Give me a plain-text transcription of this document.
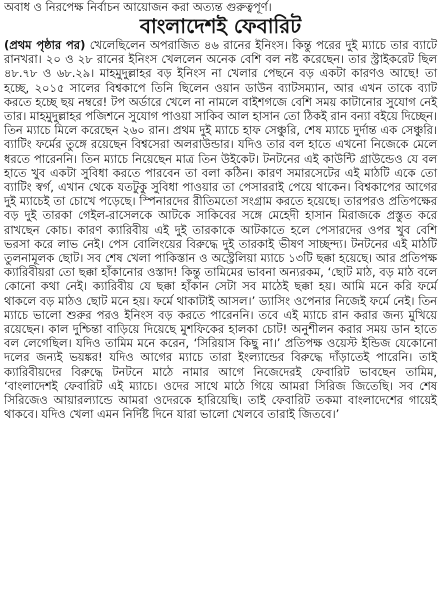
অবাধ ও নিরপেক্ষ নির্বাচন আয়োজন করা অত্যন্ত গুরুত্বপূর্ণ।

বাংলাদেশই ফেবারিট

(প্রথম পৃষ্ঠার পর) খেলেছিলেন অপরাজিত ৪৬ রানের ইনিংস। কিন্তু পরের দুই ম্যাচে তার ব্যাটে রানখরা। ২০ ও ২৮ রানের ইনিংস খেললেন অনেক বেশি বল নষ্ট করেছেন। তার স্ট্রাইকরেট ছিল ৪৮.৭৮ ও ৬৮.২৯। মাহমুদুল্লাহর বড় ইনিংস না খেলার পেছনে বড় একটা কারণও আছে! তা হচ্ছে, ২০১৫ সালের বিশ্বকাপে তিনি ছিলেন ওয়ান ডাউন ব্যাটসম্যান, আর এখন তাকে ব্যাট করতে হচ্ছে ছয় নম্বরে! টপ অর্ডারে খেলে না নামলে বাইশগজে বেশি সময় কাটানোর সুযোগ নেই তার। মাহমুদুল্লাহর পজিশনে সুযোগ পাওয়া সাকিব আল হাসান তো ঠিকই রান বন্যা বইয়ে দিচ্ছেন। তিন ম্যাচে মিলে করেছেন ২৬০ রান। প্রথম দুই ম্যাচে হাফ সেঞ্চুরি, শেষ ম্যাচে দুর্দান্ত এক সেঞ্চুরি। ব্যাটিং ফর্মের তুঙ্গে রয়েছেন বিশ্বসেরা অলরাউন্ডার। যদিও তার বল হাতে এখনো নিজেকে মেলে ধরতে পারেননি। তিন ম্যাচে নিয়েছেন মাত্র তিন উইকেট। টনটনের এই কাউন্টি গ্রাউন্ডেও যে বল হাতে খুব একটা সুবিধা করতে পারবেন তা বলা কঠিন। কারণ সমারসেটের এই মাঠটি একে তো ব্যাটিং স্বর্গ, এখান থেকে যতটুকু সুবিধা পাওয়ার তা পেসাররাই পেয়ে থাকেন। বিশ্বকাপের আগের দুই ম্যাচেই তা চোখে পড়েছে। স্পিনারদের রীতিমতো সংগ্রাম করতে হয়েছে। তারপরও প্রতিপক্ষের বড় দুই তারকা গেইল-রাসেলকে আটকে সাকিবের সঙ্গে মেহেদী হাসান মিরাজকে প্রস্তুত করে রাখছেন কোচ। কারণ ক্যারিবীয় এই দুই তারকাকে আটকাতে হলে পেসারদের ওপর খুব বেশি ভরসা করে লাভ নেই। পেস বোলিংয়ের বিরুদ্ধে দুই তারকাই ভীষণ সাচ্ছন্দ্য। টনটনের এই মাঠটি তুলনামূলক ছোট। সব শেষ খেলা পাকিস্তান ও অস্ট্রেলিয়া ম্যাচে ১৩টি ছক্কা হয়েছে। আর প্রতিপক্ষ ক্যারিবীয়রা তো ছক্কা হাঁকানোর ওস্তাদ! কিন্তু তামিমের ভাবনা অন্যরকম, ‘ছোট মাঠ, বড় মাঠ বলে কোনো কথা নেই। ক্যারিবীয় যে ছক্কা হাঁকান সেটা সব মাঠেই ছক্কা হয়। আমি মনে করি ফর্মে থাকলে বড় মাঠও ছোট মনে হয়। ফর্মে থাকাটাই আসল।’ ড্যাসিং ওপেনার নিজেই ফর্মে নেই। তিন ম্যাচে ভালো শুরুর পরও ইনিংস বড় করতে পারেননি। তবে এই ম্যাচে রান করার জন্য মুখিয়ে রয়েছেন। কাল দুশ্চিন্তা বাড়িয়ে দিয়েছে মুশফিকের হালকা চোট! অনুশীলন করার সময় ডান হাতে বল লেগেছিল। যদিও তামিম মনে করেন, ‘সিরিয়াস কিছু না।’ প্রতিপক্ষ ওয়েস্ট ইন্ডিজ যেকোনো দলের জন্যই ভয়ঙ্কর! যদিও আগের ম্যাচে তারা ইংল্যান্ডের বিরুদ্ধে দাঁড়াতেই পারেনি। তাই ক্যারিবীয়দের বিরুদ্ধে টনটনে মাঠে নামার আগে নিজেদেরই ফেবারিট ভাবছেন তামিম, ‘বাংলাদেশই ফেবারিট এই ম্যাচে। ওদের সাথে মাঠে গিয়ে আমরা সিরিজ জিতেছি। সব শেষ সিরিজেও আয়ারল্যান্ডে আমরা ওদেরকে হারিয়েছি। তাই ফেবারিট তকমা বাংলাদেশের গায়েই থাকবে। যদিও খেলা এমন নির্দিষ্ট দিনে যারা ভালো খেলবে তারাই জিতবে।’
